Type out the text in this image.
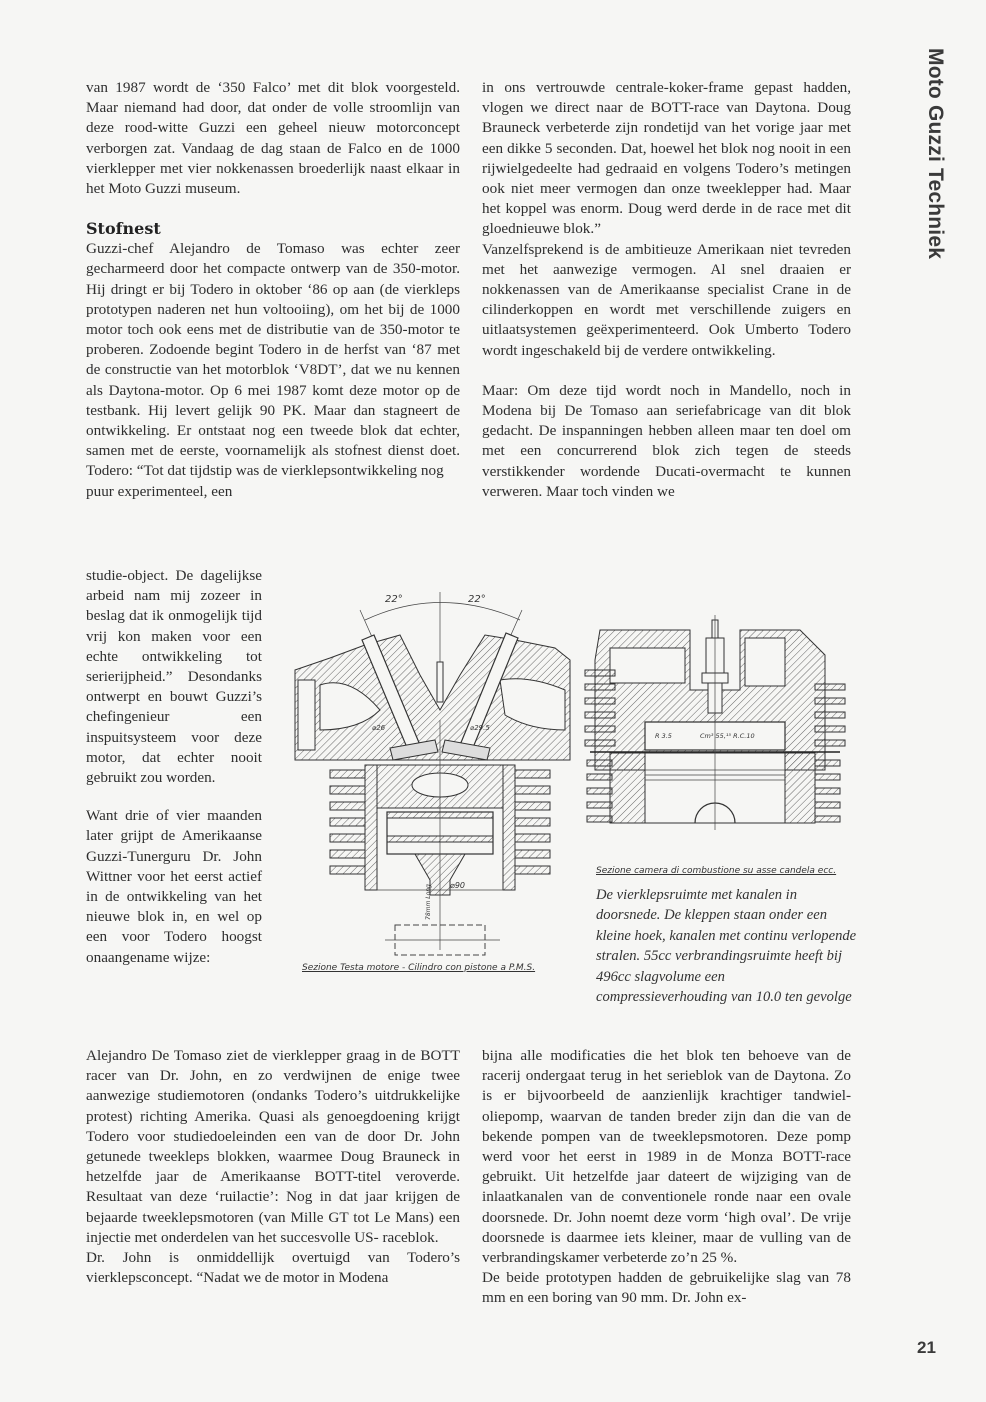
Moto Guzzi Techniek

van 1987 wordt de ‘350 Falco’ met dit blok voorgesteld. Maar niemand had door, dat onder de volle stroomlijn van deze rood-witte Guzzi een geheel nieuw motorconcept verborgen zat. Vandaag de dag staan de Falco en de 1000 vierklepper met vier nokkenassen broederlijk naast elkaar in het Moto Guzzi museum.

Stofnest

Guzzi-chef Alejandro de Tomaso was echter zeer gecharmeerd door het compacte ontwerp van de 350-motor. Hij dringt er bij Todero in oktober ‘86 op aan (de vierkleps prototypen naderen net hun voltooiing), om het bij de 1000 motor toch ook eens met de distributie van de 350-motor te proberen. Zodoende begint Todero in de herfst van ‘87 met de constructie van het motorblok ‘V8DT’, dat we nu kennen als Daytona-motor. Op 6 mei 1987 komt deze motor op de testbank. Hij levert gelijk 90 PK. Maar dan stagneert de ontwikkeling. Er ontstaat nog een tweede blok dat echter, samen met de eerste, voornamelijk als stofnest dienst doet. Todero: “Tot dat tijdstip was de vierklepsontwikkeling nog

puur experimenteel, een

studie-object. De dagelijkse arbeid nam mij zozeer in beslag dat ik onmogelijk tijd vrij kon maken voor een echte ontwikkeling tot serierijpheid.” Desondanks ontwerpt en bouwt Guzzi’s chefingenieur een inspuitsysteem voor deze motor, dat echter nooit gebruikt zou worden.

Want drie of vier maanden later grijpt de Amerikaanse Guzzi-Tunerguru Dr. John Wittner voor het eerst actief in de ontwikkeling van het nieuwe blok in, en wel op een voor Todero hoogst onaangename wijze:

Alejandro De Tomaso ziet de vierklepper graag in de BOTT racer van Dr. John, en zo verdwijnen de enige twee aanwezige studiemotoren (ondanks Todero’s uitdrukkelijke protest) richting Amerika. Quasi als genoegdoening krijgt Todero voor studiedoeleinden een van de door Dr. John getunede tweekleps blokken, waarmee Doug Brauneck in hetzelfde jaar de Amerikaanse BOTT-titel veroverde. Resultaat van deze ‘ruilactie’: Nog in dat jaar krijgen de bejaarde tweeklepsmotoren (van Mille GT tot Le Mans) een injectie met onderdelen van het succesvolle US- raceblok.

Dr. John is onmiddellijk overtuigd van Todero’s vierklepsconcept. “Nadat we de motor in Modena

in ons vertrouwde centrale-koker-frame gepast hadden, vlogen we direct naar de BOTT-race van Daytona. Doug Brauneck verbeterde zijn rondetijd van het vorige jaar met een dikke 5 seconden. Dat, hoewel het blok nog nooit in een rijwielgedeelte had gedraaid en volgens Todero’s metingen ook niet meer vermogen dan onze tweeklepper had. Maar het koppel was enorm. Doug werd derde in de race met dit gloednieuwe blok.”

Vanzelfsprekend is de ambitieuze Amerikaan niet tevreden met het aanwezige vermogen. Al snel draaien er nokkenassen van de Amerikaanse specialist Crane in de cilinderkoppen en wordt met verschillende zuigers en uitlaatsystemen geëxperimenteerd. Ook Umberto Todero wordt ingeschakeld bij de verdere ontwikkeling.

Maar: Om deze tijd wordt noch in Mandello, noch in Modena bij De Tomaso aan seriefabricage van dit blok gedacht. De inspanningen hebben alleen maar ten doel om met een concurrerend blok zich tegen de steeds verstikkender wordende Ducati-overmacht te kunnen verweren. Maar toch vinden we

bijna alle modificaties die het blok ten behoeve van de racerij ondergaat terug in het serieblok van de Daytona. Zo is er bijvoorbeeld de aanzienlijk krachtiger tandwiel-oliepomp, waarvan de tanden breder zijn dan die van de bekende pompen van de tweeklepsmotoren. Deze pomp werd voor het eerst in 1989 in de Monza BOTT-race gebruikt. Uit hetzelfde jaar dateert de wijziging van de inlaatkanalen van de conventionele ronde naar een ovale doorsnede. Dr. John noemt deze vorm ‘high oval’. De vrije doorsnede is daarmee iets kleiner, maar de vulling van de verbrandingskamer verbeterde zo’n 25 %.

De beide prototypen hadden de gebruikelijke slag van 78 mm en een boring van 90 mm. Dr. John ex-

22°	22°
⌀26	⌀29.5
⌀90
78mm Long
R 3.5	Cm³ 55,¹⁵ R.C.10
Sezione Testa motore - Cilindro con pistone a P.M.S.
Sezione camera di combustione su asse candela ecc.
De vierklepsruimte met kanalen in doorsnede. De kleppen staan onder een kleine hoek, kanalen met continu verlopende stralen. 55cc verbrandingsruimte heeft bij 496cc slagvolume een compressieverhouding van 10.0 ten gevolge
21
